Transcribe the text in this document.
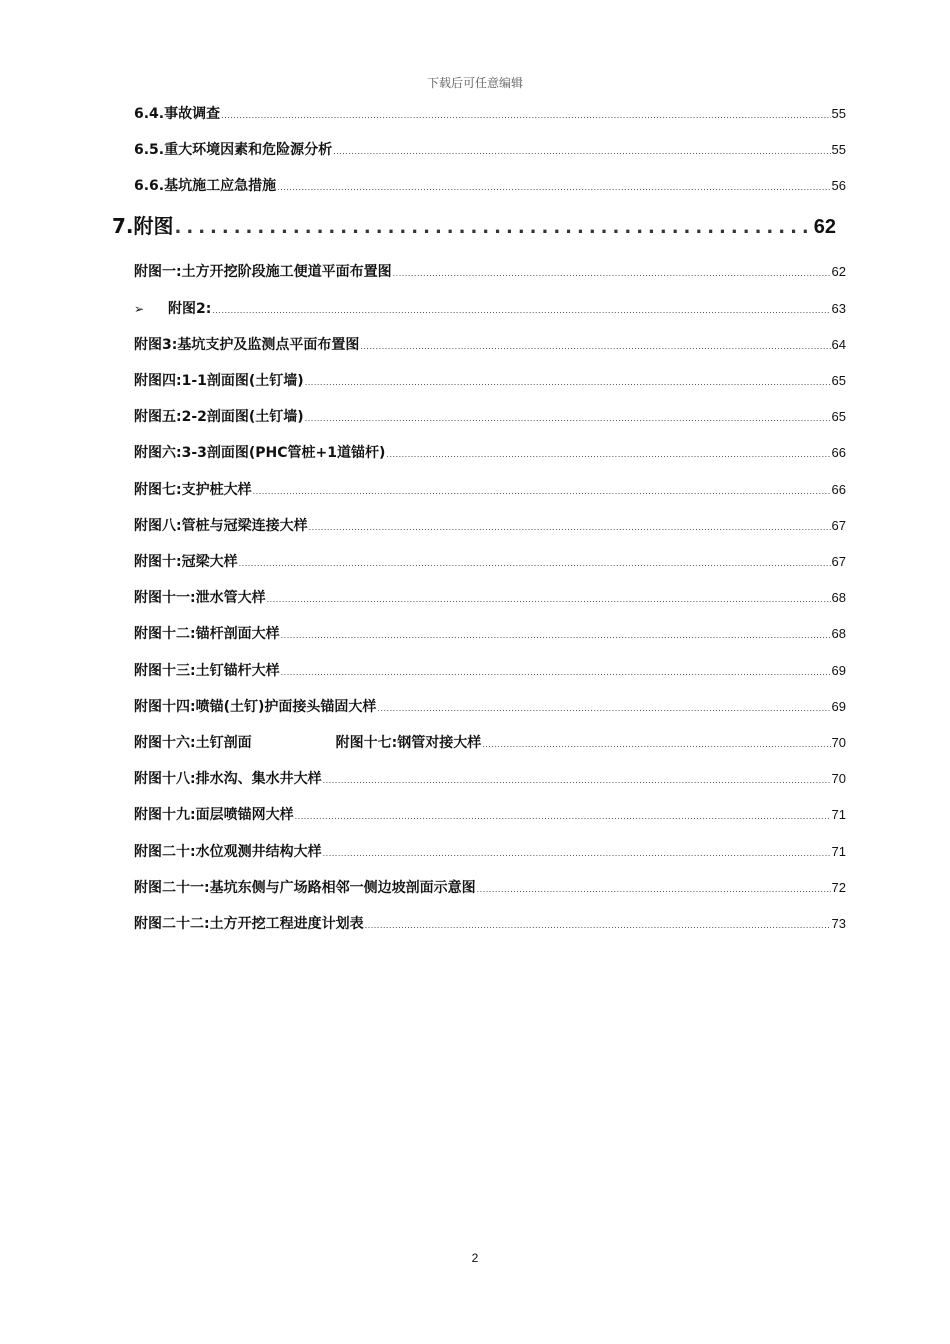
下载后可任意编辑
6.4.事故调查 .....	55
6.5.重大环境因素和危险源分析 .....	55
6.6.基坑施工应急措施 .....	56
7.附图 .....	62
附图一:土方开挖阶段施工便道平面布置图 .....	62
➢ 附图2: .....	63
附图3:基坑支护及监测点平面布置图 .....	64
附图四:1-1剖面图(土钉墙) .....	65
附图五:2-2剖面图(土钉墙) .....	65
附图六:3-3剖面图(PHC管桩+1道锚杆) .....	66
附图七:支护桩大样 .....	66
附图八:管桩与冠梁连接大样 .....	67
附图十:冠梁大样 .....	67
附图十一:泄水管大样 .....	68
附图十二:锚杆剖面大样 .....	68
附图十三:土钉锚杆大样 .....	69
附图十四:喷锚(土钉)护面接头锚固大样 .....	69
附图十六:土钉剖面	附图十七:钢管对接大样 .....	70
附图十八:排水沟、集水井大样 .....	70
附图十九:面层喷锚网大样 .....	71
附图二十:水位观测井结构大样 .....	71
附图二十一:基坑东侧与广场路相邻一侧边坡剖面示意图 .....	72
附图二十二:土方开挖工程进度计划表 .....	73
2
